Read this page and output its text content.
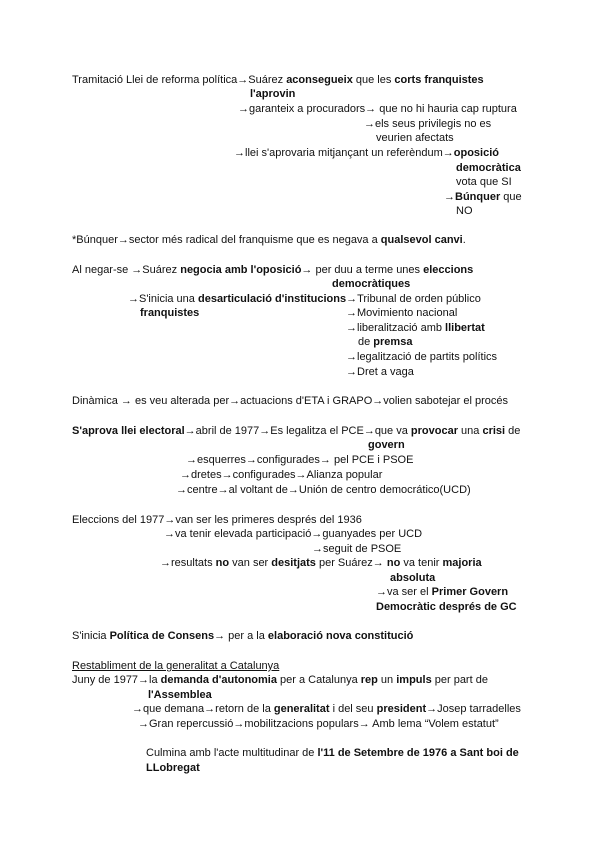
Tramitació Llei de reforma política→Suárez aconsegueix que les corts franquistes
l'aprovin
→garanteix a procuradors→ que no hi hauria cap ruptura
→els seus privilegis no es
veurien afectats
→llei s'aprovaria mitjançant un referèndum→oposició
democràtica
vota que SI
→Búnquer que
NO
*Búnquer→sector més radical del franquisme que es negava a qualsevol canvi.
Al negar-se →Suárez negocia amb l'oposició→ per duu a terme unes eleccions
democràtiques
→S'inicia una desarticulació d'institucions→Tribunal de orden público
franquistes	→Movimiento nacional
→liberalització amb llibertat
de premsa
→legalització de partits polítics
→Dret a vaga
Dinàmica → es veu alterada per→actuacions d'ETA i GRAPO→volien sabotejar el procés
S'aprova llei electoral→abril de 1977→Es legalitza el PCE→que va provocar una crisi de
govern
→esquerres→configurades→ pel PCE i PSOE
→dretes→configurades→Alianza popular
→centre→al voltant de→Unión de centro democrático(UCD)
Eleccions del 1977→van ser les primeres després del 1936
→va tenir elevada participació→guanyades per UCD
→seguit de PSOE
→resultats no van ser desitjats per Suárez→ no va tenir majoria
absoluta
→va ser el Primer Govern
Democràtic després de GC
S'inicia Política de Consens→ per a la elaboració nova constitució
Restabliment de la generalitat a Catalunya
Juny de 1977→la demanda d'autonomia per a Catalunya rep un impuls per part de
l'Assemblea
→que demana→retorn de la generalitat i del seu president→Josep tarradelles
→Gran repercussió→mobilitzacions populars→ Amb lema “Volem estatut”
Culmina amb l'acte multitudinar de l'11 de Setembre de 1976 a Sant boi de
LLobregat
